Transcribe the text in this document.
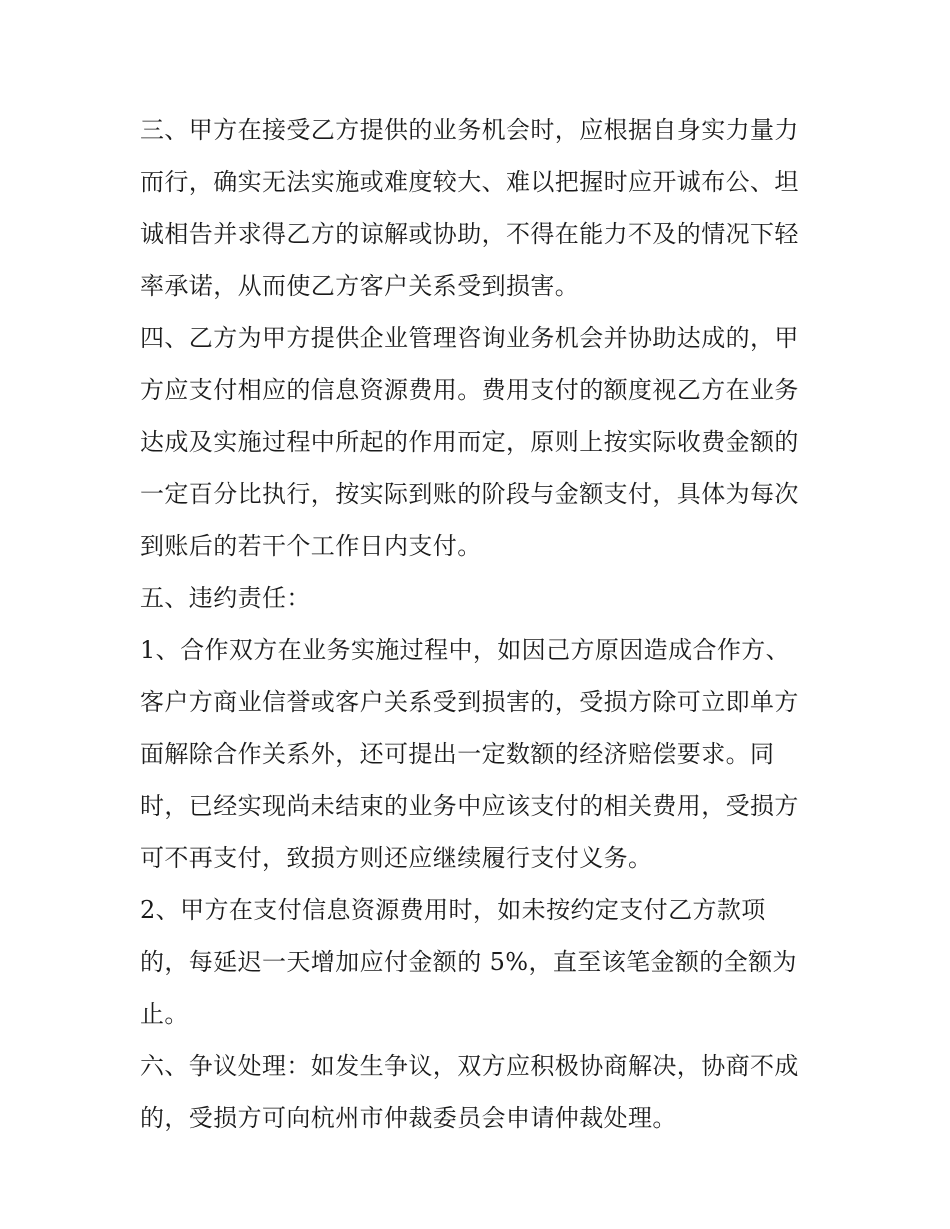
三、甲方在接受乙方提供的业务机会时，应根据自身实力量力
而行，确实无法实施或难度较大、难以把握时应开诚布公、坦
诚相告并求得乙方的谅解或协助，不得在能力不及的情况下轻
率承诺，从而使乙方客户关系受到损害。
四、乙方为甲方提供企业管理咨询业务机会并协助达成的，甲
方应支付相应的信息资源费用。费用支付的额度视乙方在业务
达成及实施过程中所起的作用而定，原则上按实际收费金额的
一定百分比执行，按实际到账的阶段与金额支付，具体为每次
到账后的若干个工作日内支付。
五、违约责任：
1、合作双方在业务实施过程中，如因己方原因造成合作方、
客户方商业信誉或客户关系受到损害的，受损方除可立即单方
面解除合作关系外，还可提出一定数额的经济赔偿要求。同
时，已经实现尚未结束的业务中应该支付的相关费用，受损方
可不再支付，致损方则还应继续履行支付义务。
2、甲方在支付信息资源费用时，如未按约定支付乙方款项
的，每延迟一天增加应付金额的 5%，直至该笔金额的全额为
止。
六、争议处理：如发生争议，双方应积极协商解决，协商不成
的，受损方可向杭州市仲裁委员会申请仲裁处理。
